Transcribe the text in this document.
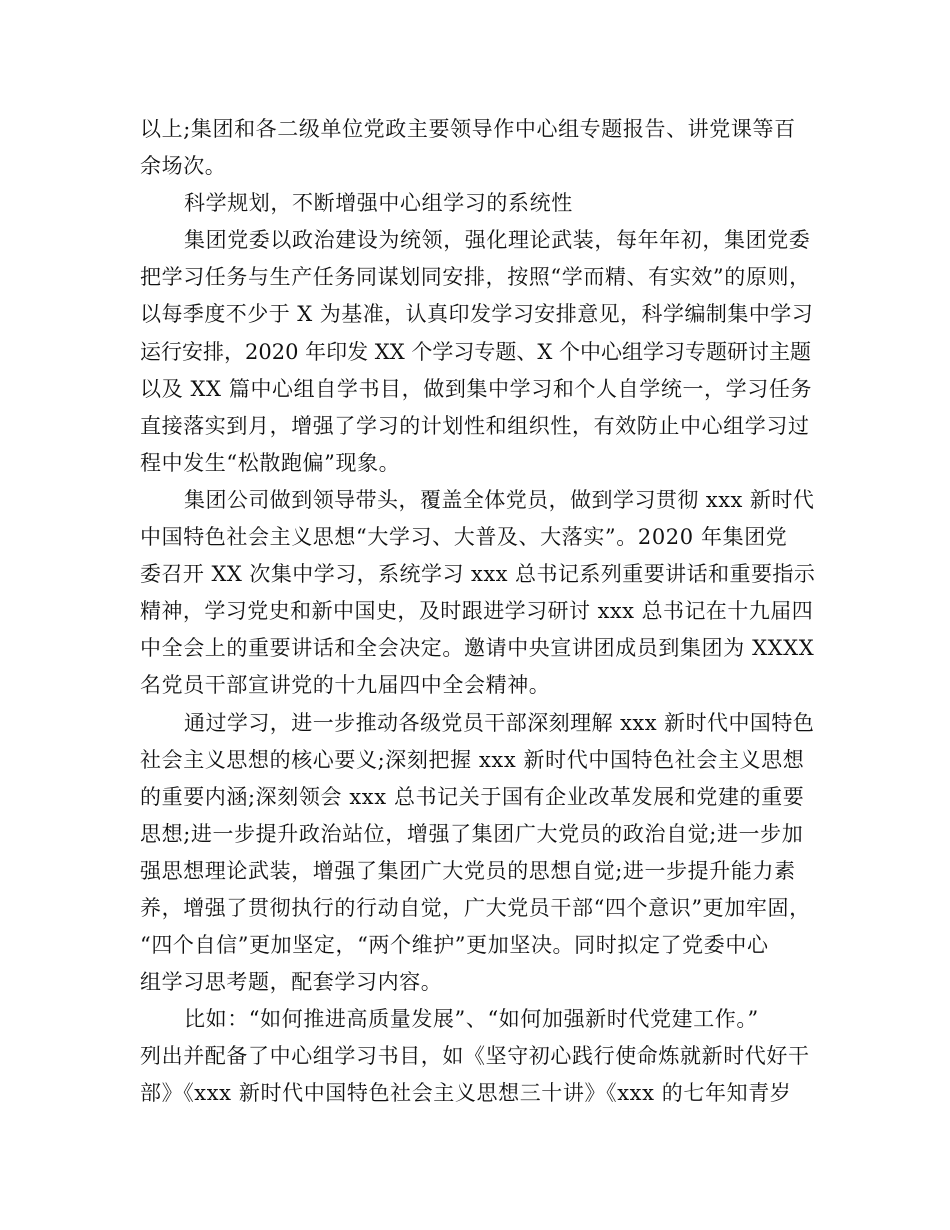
以上;集团和各二级单位党政主要领导作中心组专题报告、讲党课等百
余场次。
科学规划，不断增强中心组学习的系统性
集团党委以政治建设为统领，强化理论武装，每年年初，集团党委
把学习任务与生产任务同谋划同安排，按照“学而精、有实效”的原则，
以每季度不少于 X 为基准，认真印发学习安排意见，科学编制集中学习
运行安排，2020 年印发 XX 个学习专题、X 个中心组学习专题研讨主题
以及 XX 篇中心组自学书目，做到集中学习和个人自学统一，学习任务
直接落实到月，增强了学习的计划性和组织性，有效防止中心组学习过
程中发生“松散跑偏”现象。
集团公司做到领导带头，覆盖全体党员，做到学习贯彻 xxx 新时代
中国特色社会主义思想“大学习、大普及、大落实”。2020 年集团党
委召开 XX 次集中学习，系统学习 xxx 总书记系列重要讲话和重要指示
精神，学习党史和新中国史，及时跟进学习研讨 xxx 总书记在十九届四
中全会上的重要讲话和全会决定。邀请中央宣讲团成员到集团为 XXXX
名党员干部宣讲党的十九届四中全会精神。
通过学习，进一步推动各级党员干部深刻理解 xxx 新时代中国特色
社会主义思想的核心要义;深刻把握 xxx 新时代中国特色社会主义思想
的重要内涵;深刻领会 xxx 总书记关于国有企业改革发展和党建的重要
思想;进一步提升政治站位，增强了集团广大党员的政治自觉;进一步加
强思想理论武装，增强了集团广大党员的思想自觉;进一步提升能力素
养，增强了贯彻执行的行动自觉，广大党员干部“四个意识”更加牢固，
“四个自信”更加坚定，“两个维护”更加坚决。同时拟定了党委中心
组学习思考题，配套学习内容。
比如：“如何推进高质量发展”、“如何加强新时代党建工作。”
列出并配备了中心组学习书目，如《坚守初心践行使命炼就新时代好干
部》《xxx 新时代中国特色社会主义思想三十讲》《xxx 的七年知青岁
